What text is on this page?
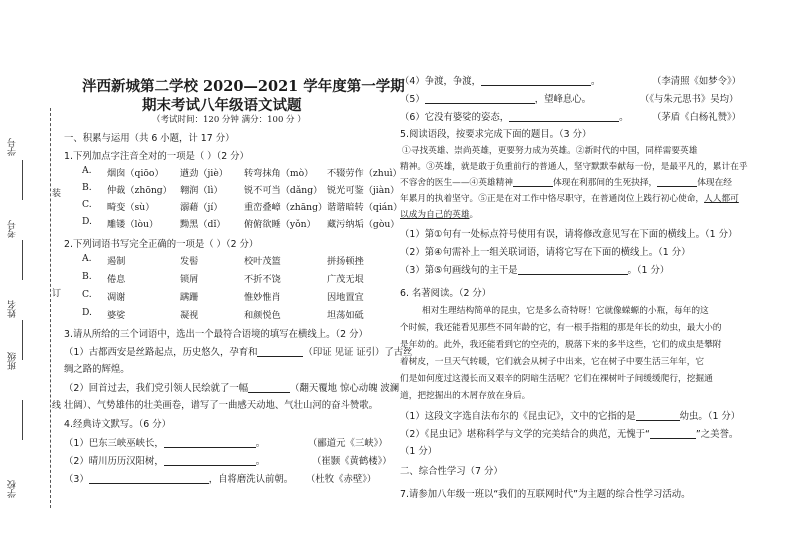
学号
考号
姓名
班级
学校
装
订
线
泮西新城第二学校 2020—2021 学年度第一学期
期末考试八年级语文试题
（考试时间：120 分钟 满分：100 分 ）
一、积累与运用（共 6 小题，计 17 分）
1.下列加点字注音全对的一项是（ ）（2 分）
A. 烟囱（qiōo） 遒劲（jiè） 转弯抹角（mò） 不辍劳作（zhuì）
B. 仲裁（zhōng） 翱润（lì） 锐不可当（dǎng） 锐光可鉴（jiàn）
C. 畸变（sù）	溺藉（jí） 重峦叠嶂（zhāng） 谐谐暗转（qián）
D. 雕镂（lòu） 黝黑（dǐ） 俯俯欲睡（yǒn） 藏污纳垢（gòu）
2.下列词语书写完全正确的一项是（ ）（2 分）
A. 遏制	发髻	校叶茂篮	拼扬顿挫
B. 倦息	锁屑	不折不饶	广茂无垠
C. 凋谢	蹒跚	惟妙惟肖	因地置宜
D. 婆娑	凝视	和颜悦色	坦荡如砥
3.请从所给的三个词语中，选出一个最符合语境的填写在横线上。（2 分）
（1）古都西安是丝路起点，历史悠久，孕育和	（印证 见证 证引）了古丝
绸之路的辉煌。
（2）回首过去，我们党引领人民绘就了一幅	（翻天覆地 惊心动魄 波澜
壮阔）、气势雄伟的壮美画卷，谱写了一曲感天动地、气壮山河的奋斗赞歌。
4.经典诗文默写。（6 分）
（1）巴东三峡巫峡长，	。	（郦道元《三峡》）
（2）晴川历历汉阳树，	。	（崔颢《黄鹤楼》）
（3）	，自将磨洗认前朝。 （杜牧《赤壁》）
（4）争渡，争渡，	。	（李清照《如梦令》）
（5）	，望峰息心。	（《与朱元思书》吴均）
（6）它没有婆娑的姿态，	。	（茅盾《白杨礼赞》）
5.阅读语段，按要求完成下面的题目。（3 分）
①寻找英雄、崇尚英雄，更要努力成为英雄。②新时代的中国，同样需要英雄
精神。③英雄，就是敢于负重前行的普通人，坚守默默奉献每一份，是最平凡的，累计在乎
不容舍的医生——④英雄精神	体现在利那间的生死抉择，	体现在经
年累月的执着坚守。⑤正是在对工作中恪尽职守，在普通岗位上践行初心使命，人人都可
以成为自己的英雄。
（1）第①句有一处标点符号使用有误，请将修改意见写在下面的横线上。（1 分）
（2）第④句需补上一组关联词语，请将它写在下面的横线上。（1 分）
（3）第⑤句画线句的主干是	。（1 分）
6. 名著阅读。（2 分）
相对生理结构简单的昆虫，它是多么奇特呀！它就像蝾螈的小瓶，每年的这
个时候，我还能看见那些不同年龄的它，有一根手指粗的那是年长的幼虫，最大小的
是年幼的。此外，我还能看到它的空壳的，脱落下来的多半这些，它们的成虫是攀附
着树皮，一旦天气转暖，它们就会从树子中出来，它在树子中要生活三年年，它
们是如何度过这漫长而又艰辛的阴暗生活呢？它们在裸树叶子间缓缓爬行，挖掘通
道，把挖掘出的木屑存放在身后。
（1）这段文字选自法布尔的《昆虫记》，文中的它指的是	幼虫。（1 分）
（2）《昆虫记》堪称科学与文学的完美结合的典范，无愧于“	”之美誉。
（1 分）
二、综合性学习（7 分）
7.请参加八年级一班以“我们的互联网时代”为主题的综合性学习活动。
